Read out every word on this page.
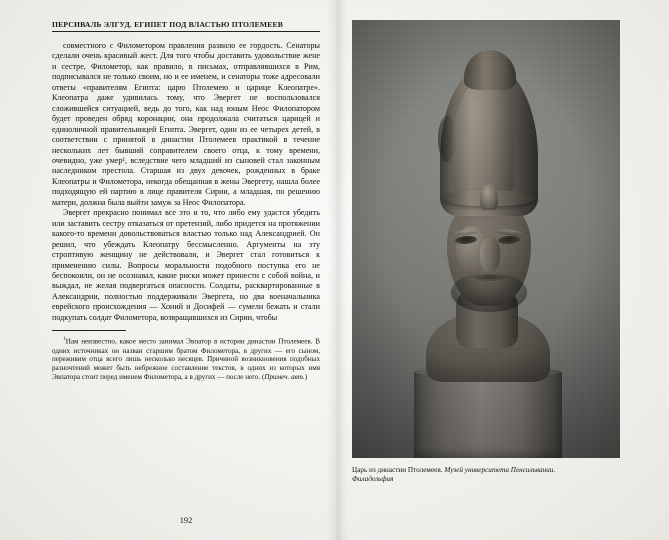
ПЕРСИВАЛЬ ЭЛГУД. ЕГИПЕТ ПОД ВЛАСТЬЮ ПТОЛЕМЕЕВ

совместного с Филометором правления развило ее гордость. Сенаторы сделали очень красивый жест. Для того чтобы доставить удовольствие жене и сестре, Филометор, как правило, в письмах, отправлявшихся в Рим, подписывался не только своим, но и ее именем, и сенаторы тоже адресовали ответы «правителям Египта: царю Птолемею и царице Клеопатре». Клеопатра даже удивилась тому, что Эвергет не воспользовался сложившейся ситуацией, ведь до того, как над юным Неос Филопатором будет проведен обряд коронации, она продолжала считаться царицей и единоличной правительницей Египта. Эвергет, один из ее четырех детей, в соответствии с принятой в династии Птолемеев практикой в течение нескольких лет бывший соправителем своего отца, к тому времени, очевидно, уже умер¹, вследствие чего младший из сыновей стал законным наследником престола. Старшая из двух девочек, рожденных в браке Клеопатры и Филометора, некогда обещанная в жены Эвергету, нашла более подходящую ей партию в лице правителя Сирии, а младшая, по решению матери, должна была выйти замуж за Неос Филопатора.

Эвергет прекрасно понимал все это и то, что либо ему удастся убедить или заставить сестру отказаться от претензий, либо придется на протяжении какого-то времени довольствоваться властью только над Александрией. Он решил, что убеждать Клеопатру бессмысленно. Аргументы на эту строптивую женщину не действовали, и Эвергет стал готовиться к применению силы. Вопросы моральности подобного поступка его не беспокоили, он не осознавал, какие риски может принести с собой война, и выждал, не желая подвергаться опасности. Солдаты, расквартированные в Александрии, полностью поддерживали Эвергета, но два военачальника еврейского происхождения — Хоний и Досифей — сумели бежать и стали подкупать солдат Филометора, возвращавшихся из Сирии, чтобы

$^1$Нам неизвестно, какое место занимал Эвпатор в истории династии Птолемеев. В одних источниках он назван старшим братом Филометора, в других — его сыном, переживим отца всего лишь несколько несяцев. Причиной возникновения подобных разночтений может быть небрежное составление текстов, в одних из которых имя Эвпатора стоит перед именем Филометора, а в других — после него. (Примеч. авт.)

192
Царь из династии Птолемеев. Музей университета Пенсильвании.
Филадельфия
